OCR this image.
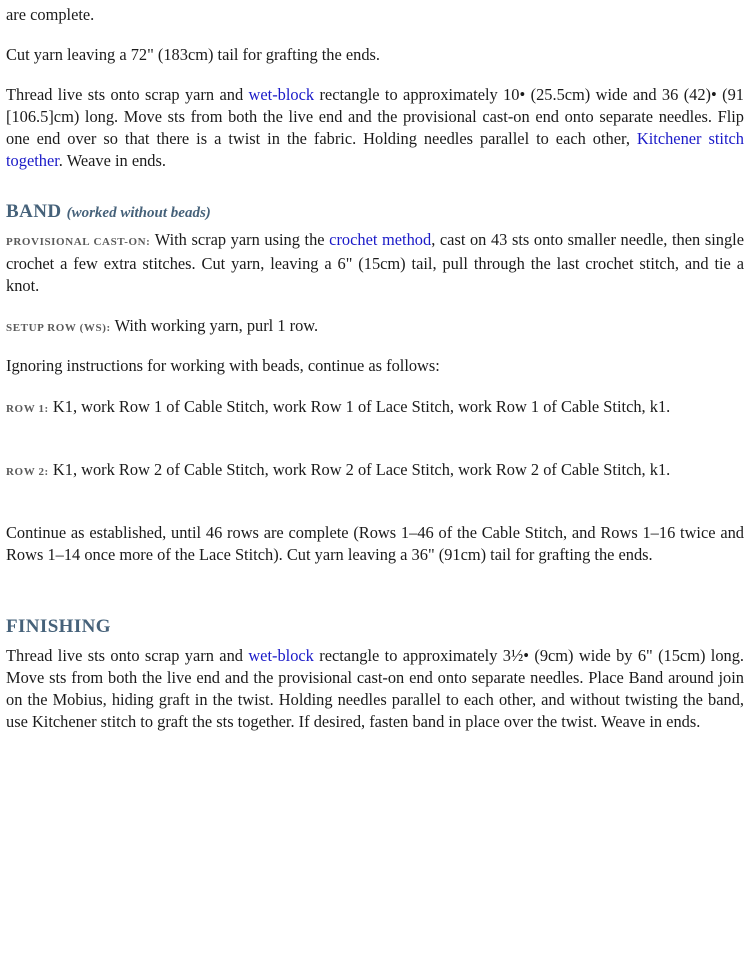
are complete.

Cut yarn leaving a 72" (183cm) tail for grafting the ends.

Thread live sts onto scrap yarn and wet-block rectangle to approximately 10• (25.5cm) wide and 36 (42)• (91 [106.5]cm) long. Move sts from both the live end and the provisional cast-on end onto separate needles. Flip one end over so that there is a twist in the fabric. Holding needles parallel to each other, Kitchener stitch together. Weave in ends.

BAND (worked without beads)

PROVISIONAL CAST-ON: With scrap yarn using the crochet method, cast on 43 sts onto smaller needle, then single crochet a few extra stitches. Cut yarn, leaving a 6" (15cm) tail, pull through the last crochet stitch, and tie a knot.

SETUP ROW (WS): With working yarn, purl 1 row.

Ignoring instructions for working with beads, continue as follows:

ROW 1: K1, work Row 1 of Cable Stitch, work Row 1 of Lace Stitch, work Row 1 of Cable Stitch, k1.

ROW 2: K1, work Row 2 of Cable Stitch, work Row 2 of Lace Stitch, work Row 2 of Cable Stitch, k1.

Continue as established, until 46 rows are complete (Rows 1–46 of the Cable Stitch, and Rows 1–16 twice and Rows 1–14 once more of the Lace Stitch). Cut yarn leaving a 36" (91cm) tail for grafting the ends.

FINISHING

Thread live sts onto scrap yarn and wet-block rectangle to approximately 3½• (9cm) wide by 6" (15cm) long. Move sts from both the live end and the provisional cast-on end onto separate needles. Place Band around join on the Mobius, hiding graft in the twist. Holding needles parallel to each other, and without twisting the band, use Kitchener stitch to graft the sts together. If desired, fasten band in place over the twist. Weave in ends.
